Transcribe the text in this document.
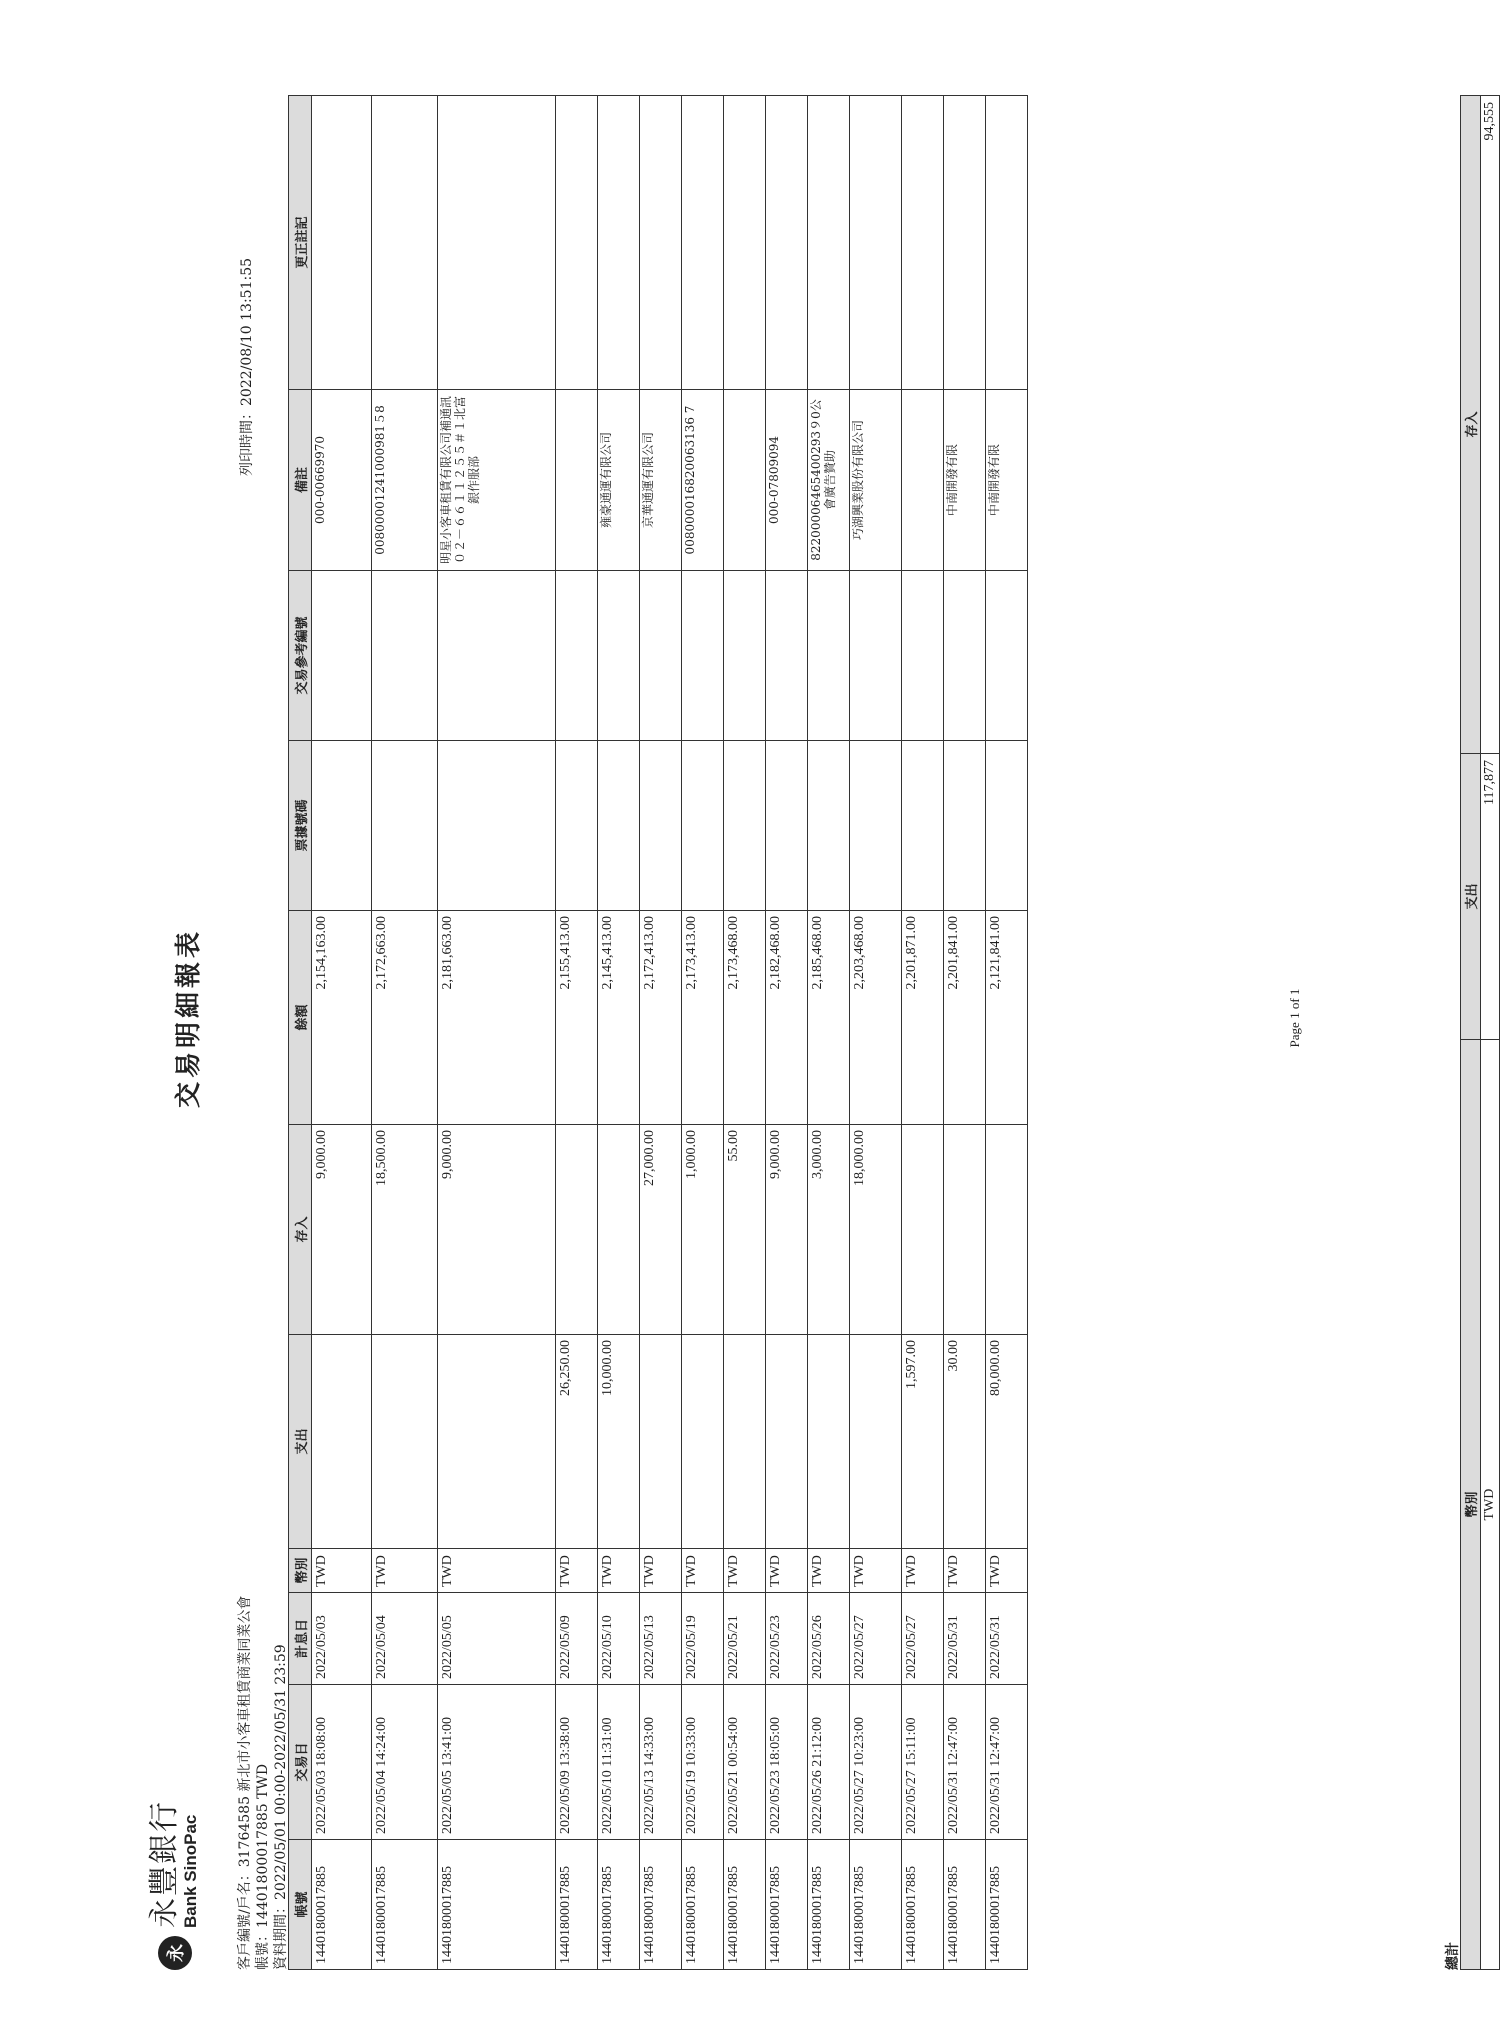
永
永豐銀行 Bank SinoPac
交易明細報表
列印時間：2022/08/10 13:51:55
客戶編號/戶名：31764585 新北市小客車租賃商業同業公會 帳號：14401800017885 TWD 資料期間：2022/05/01 00:00-2022/05/31 23:59 帳號	交易日	計息日	幣別	支出	存入	餘額	票據號碼	交易參考編號	備註	更正註記
14401800017885	2022/05/03 18:08:00	2022/05/03	TWD		9,000.00	2,154,163.00			000-00669970	
14401800017885	2022/05/04 14:24:00	2022/05/04	TWD		18,500.00	2,172,663.00			00800001241000981５8	
14401800017885	2022/05/05 13:41:00	2022/05/05	TWD		9,000.00	2,181,663.00			明星小客車租賃有限公司補通訊０２－６６１１２５５＃１北富銀作服部	
14401800017885	2022/05/09 13:38:00	2022/05/09	TWD	26,250.00		2,155,413.00				
14401800017885	2022/05/10 11:31:00	2022/05/10	TWD	10,000.00		2,145,413.00			雍豪通運有限公司	
14401800017885	2022/05/13 14:33:00	2022/05/13	TWD		27,000.00	2,172,413.00			京華通運有限公司	
14401800017885	2022/05/19 10:33:00	2022/05/19	TWD		1,000.00	2,173,413.00			008000016820063136 7	
14401800017885	2022/05/21 00:54:00	2022/05/21	TWD		55.00	2,173,468.00				
14401800017885	2022/05/23 18:05:00	2022/05/23	TWD		9,000.00	2,182,468.00			000-07809094	
14401800017885	2022/05/26 21:12:00	2022/05/26	TWD		3,000.00	2,185,468.00			82200006465400293９0公會廣告贊助	
14401800017885	2022/05/27 10:23:00	2022/05/27	TWD		18,000.00	2,203,468.00			巧湖興業股份有限公司	
14401800017885	2022/05/27 15:11:00	2022/05/27	TWD	1,597.00		2,201,871.00				
14401800017885	2022/05/31 12:47:00	2022/05/31	TWD	30.00		2,201,841.00			中南開發有限	
14401800017885	2022/05/31 12:47:00	2022/05/31	TWD	80,000.00		2,121,841.00			中南開發有限	
總計
幣別	支出	存入
TWD	117,877	94,555
Page 1 of 1
